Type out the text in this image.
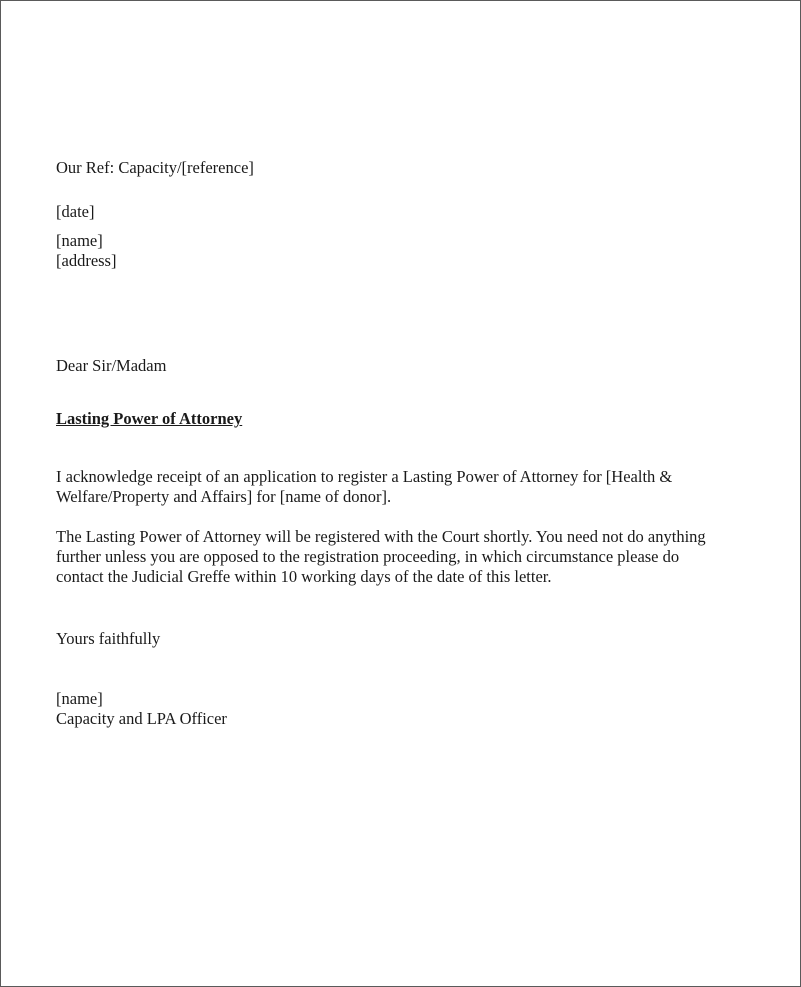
Our Ref: Capacity/[reference]
[date]
[name]
[address]
Dear Sir/Madam
Lasting Power of Attorney
I acknowledge receipt of an application to register a Lasting Power of Attorney for [Health &
Welfare/Property and Affairs] for [name of donor].
The Lasting Power of Attorney will be registered with the Court shortly. You need not do anything
further unless you are opposed to the registration proceeding, in which circumstance please do
contact the Judicial Greffe within 10 working days of the date of this letter.
Yours faithfully
[name]
Capacity and LPA Officer
